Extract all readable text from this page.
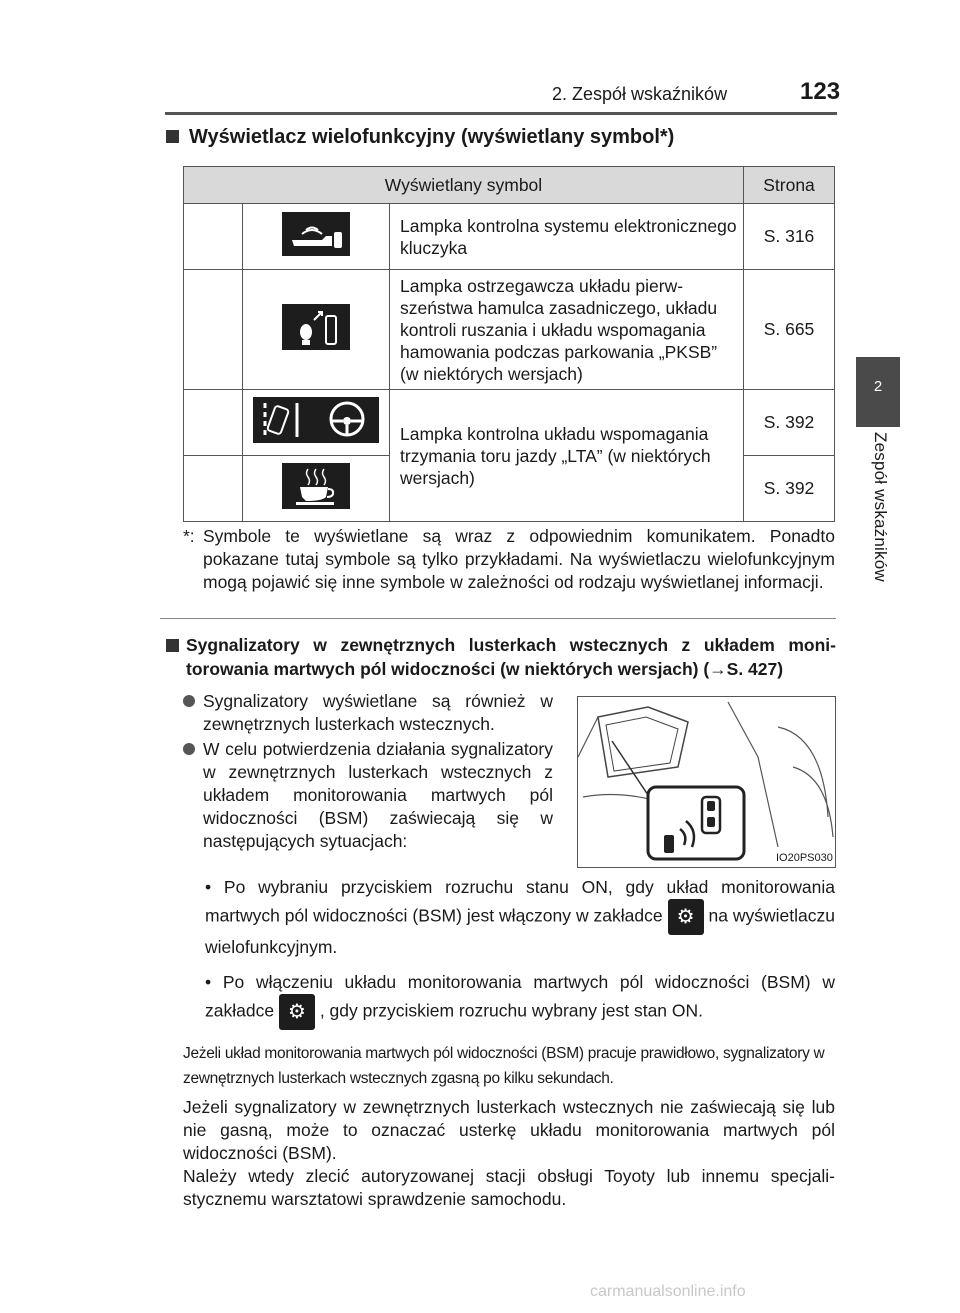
2. Zespół wskaźników	123
2
Zespół wskaźników
Wyświetlacz wielofunkcyjny (wyświetlany symbol*)
Wyświetlany symbol			Strona
		Lampka kontrolna systemu elektronicznego kluczyka	S. 316
		Lampka ostrzegawcza układu pierwszeństwa hamulca zasadniczego, układu kontroli ruszania i układu wspomagania hamowania podczas parkowania „PKSB” (w niektórych wersjach)	S. 665
		Lampka kontrolna układu wspomagania trzymania toru jazdy „LTA” (w niektórych wersjach)	S. 392
		S. 392
*: Symbole te wyświetlane są wraz z odpowiednim komunikatem. Ponadto pokazane tutaj symbole są tylko przykładami. Na wyświetlaczu wielofunkcyjnym mogą pojawić się inne symbole w zależności od rodzaju wyświetlanej informacji.
Sygnalizatory w zewnętrznych lusterkach wstecznych z układem monitorowania martwych pól widoczności (w niektórych wersjach) (→S. 427)
Sygnalizatory wyświetlane są również w zewnętrznych lusterkach wstecznych.
W celu potwierdzenia działania sygnalizatory w zewnętrznych lusterkach wstecznych z układem monitorowania martwych pól widoczności (BSM) zaświecają się w następujących sytuacjach:
IO20PS030
• Po wybraniu przyciskiem rozruchu stanu ON, gdy układ monitorowania martwych pól widoczności (BSM) jest włączony w zakładce ⚙ na wyświetlaczu wielofunkcyjnym.
• Po włączeniu układu monitorowania martwych pól widoczności (BSM) w zakładce ⚙ , gdy przyciskiem rozruchu wybrany jest stan ON.
Jeżeli układ monitorowania martwych pól widoczności (BSM) pracuje prawidłowo, sygnalizatory w zewnętrznych lusterkach wstecznych zgasną po kilku sekundach.
Jeżeli sygnalizatory w zewnętrznych lusterkach wstecznych nie zaświecają się lub nie gasną, może to oznaczać usterkę układu monitorowania martwych pól widoczności (BSM).
Należy wtedy zlecić autoryzowanej stacji obsługi Toyoty lub innemu specjalistycznemu warsztatowi sprawdzenie samochodu.
carmanualsonline.info
